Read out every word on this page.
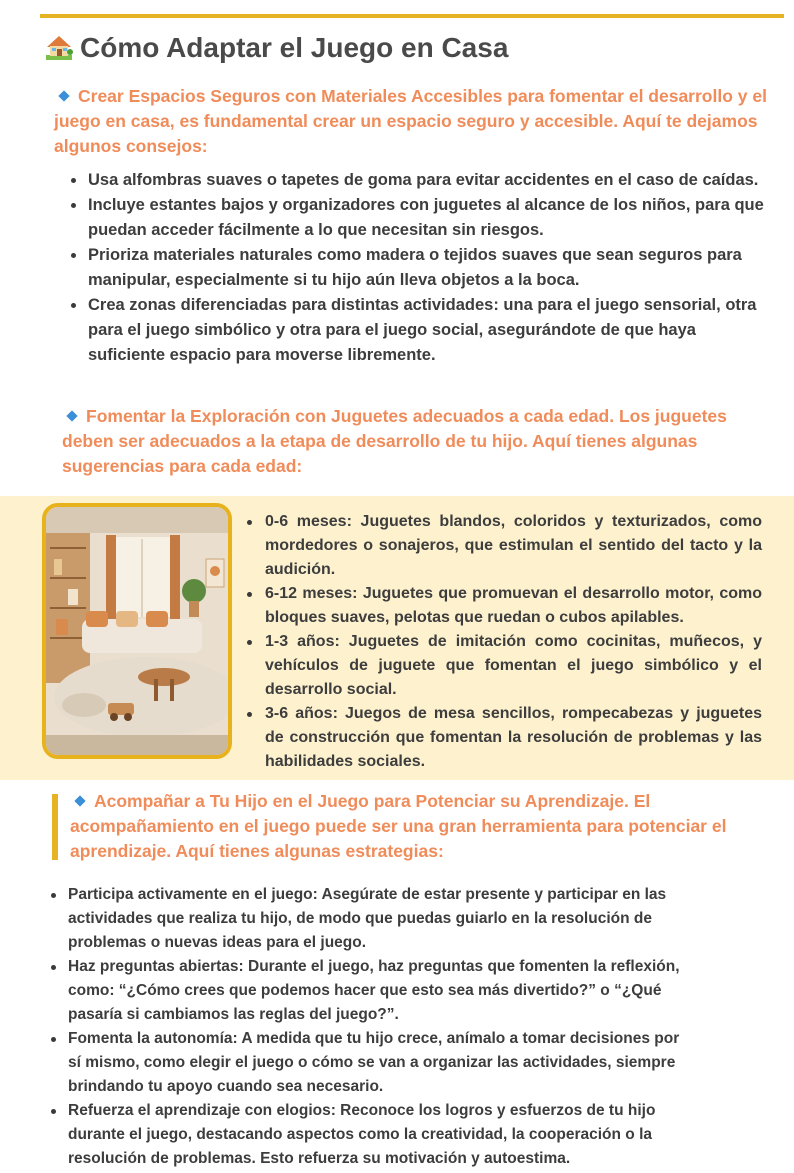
Cómo Adaptar el Juego en Casa
Crear Espacios Seguros con Materiales Accesibles para fomentar el desarrollo y el juego en casa, es fundamental crear un espacio seguro y accesible. Aquí te dejamos algunos consejos:
Usa alfombras suaves o tapetes de goma para evitar accidentes en el caso de caídas.
Incluye estantes bajos y organizadores con juguetes al alcance de los niños, para que puedan acceder fácilmente a lo que necesitan sin riesgos.
Prioriza materiales naturales como madera o tejidos suaves que sean seguros para manipular, especialmente si tu hijo aún lleva objetos a la boca.
Crea zonas diferenciadas para distintas actividades: una para el juego sensorial, otra para el juego simbólico y otra para el juego social, asegurándote de que haya suficiente espacio para moverse libremente.
Fomentar la Exploración con Juguetes adecuados a cada edad. Los juguetes deben ser adecuados a la etapa de desarrollo de tu hijo. Aquí tienes algunas sugerencias para cada edad:
0-6 meses: Juguetes blandos, coloridos y texturizados, como mordedores o sonajeros, que estimulan el sentido del tacto y la audición.
6-12 meses: Juguetes que promuevan el desarrollo motor, como bloques suaves, pelotas que ruedan o cubos apilables.
1-3 años: Juguetes de imitación como cocinitas, muñecos, y vehículos de juguete que fomentan el juego simbólico y el desarrollo social.
3-6 años: Juegos de mesa sencillos, rompecabezas y juguetes de construcción que fomentan la resolución de problemas y las habilidades sociales.
Acompañar a Tu Hijo en el Juego para Potenciar su Aprendizaje. El acompañamiento en el juego puede ser una gran herramienta para potenciar el aprendizaje. Aquí tienes algunas estrategias:
Participa activamente en el juego: Asegúrate de estar presente y participar en las actividades que realiza tu hijo, de modo que puedas guiarlo en la resolución de problemas o nuevas ideas para el juego.
Haz preguntas abiertas: Durante el juego, haz preguntas que fomenten la reflexión, como: “¿Cómo crees que podemos hacer que esto sea más divertido?” o “¿Qué pasaría si cambiamos las reglas del juego?”.
Fomenta la autonomía: A medida que tu hijo crece, anímalo a tomar decisiones por sí mismo, como elegir el juego o cómo se van a organizar las actividades, siempre brindando tu apoyo cuando sea necesario.
Refuerza el aprendizaje con elogios: Reconoce los logros y esfuerzos de tu hijo durante el juego, destacando aspectos como la creatividad, la cooperación o la resolución de problemas. Esto refuerza su motivación y autoestima.
